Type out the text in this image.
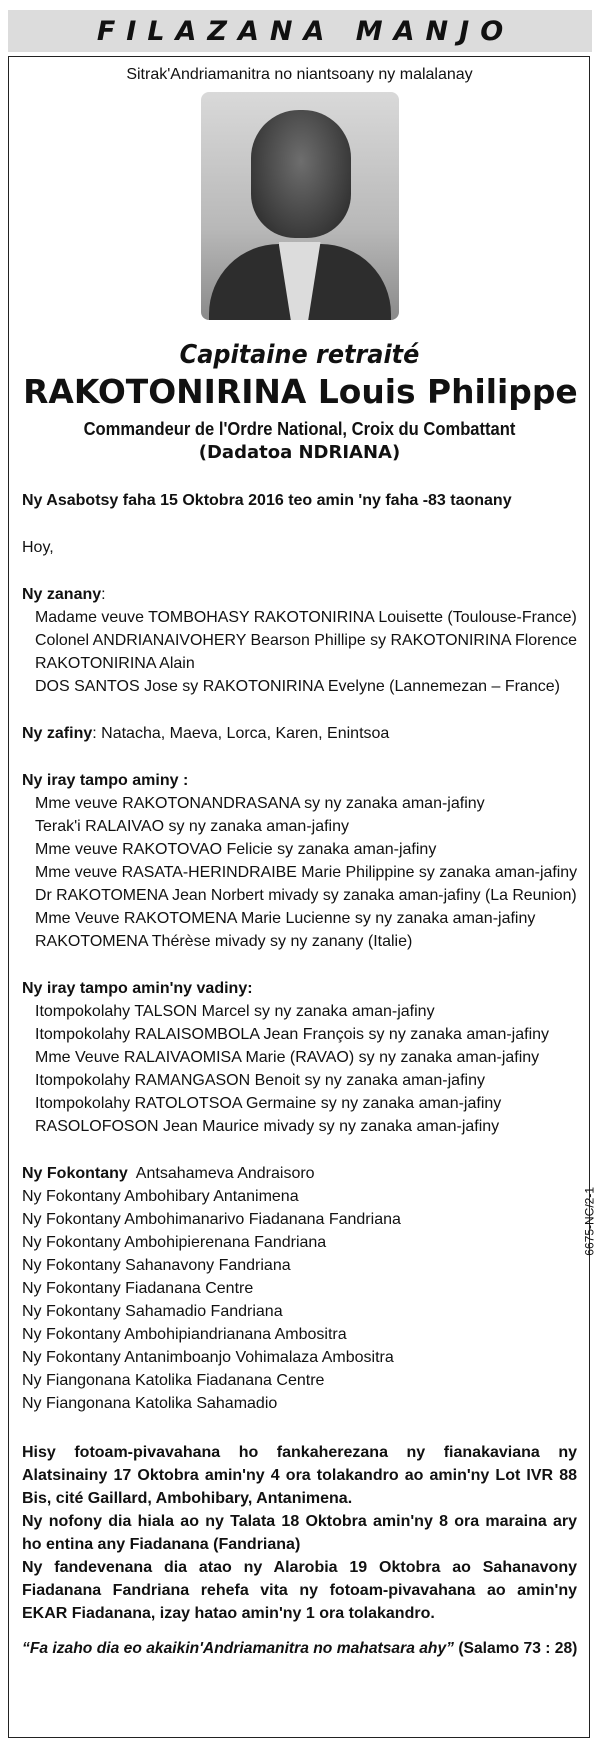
FILAZANA MANJO
6675-NC/2-1
Sitrak'Andriamanitra no niantsoany ny malalanay
Capitaine retraité
RAKOTONIRINA Louis Philippe
Commandeur de l'Ordre National, Croix du Combattant
(Dadatoa NDRIANA)

Ny Asabotsy faha 15 Oktobra 2016 teo amin 'ny faha -83 taonany

Hoy,

Ny zanany:
Madame veuve TOMBOHASY RAKOTONIRINA Louisette (Toulouse-France)
Colonel ANDRIANAIVOHERY Bearson Phillipe sy RAKOTONIRINA Florence
RAKOTONIRINA Alain
DOS SANTOS Jose sy RAKOTONIRINA Evelyne (Lannemezan – France)
Ny zafiny: Natacha, Maeva, Lorca, Karen, Enintsoa
Ny iray tampo aminy :
Mme veuve RAKOTONANDRASANA sy ny zanaka aman-jafiny
Terak'i RALAIVAO sy ny zanaka aman-jafiny
Mme veuve RAKOTOVAO Felicie sy zanaka aman-jafiny
Mme veuve RASATA-HERINDRAIBE Marie Philippine sy zanaka aman-jafiny
Dr RAKOTOMENA Jean Norbert mivady sy zanaka aman-jafiny (La Reunion)
Mme Veuve RAKOTOMENA Marie Lucienne sy ny zanaka aman-jafiny
RAKOTOMENA Thérèse mivady sy ny zanany (Italie)
Ny iray tampo amin'ny vadiny:
Itompokolahy TALSON Marcel sy ny zanaka aman-jafiny
Itompokolahy RALAISOMBOLA Jean François sy ny zanaka aman-jafiny
Mme Veuve RALAIVAOMISA Marie (RAVAO) sy ny zanaka aman-jafiny
Itompokolahy RAMANGASON Benoit sy ny zanaka aman-jafiny
Itompokolahy RATOLOTSOA Germaine sy ny zanaka aman-jafiny
RASOLOFOSON Jean Maurice mivady sy ny zanaka aman-jafiny
Ny Fokontany  Antsahameva Andraisoro
Ny Fokontany Ambohibary Antanimena
Ny Fokontany Ambohimanarivo Fiadanana Fandriana
Ny Fokontany Ambohipierenana Fandriana
Ny Fokontany Sahanavony Fandriana
Ny Fokontany Fiadanana Centre
Ny Fokontany Sahamadio Fandriana
Ny Fokontany Ambohipiandrianana Ambositra
Ny Fokontany Antanimboanjo Vohimalaza Ambositra
Ny Fiangonana Katolika Fiadanana Centre
Ny Fiangonana Katolika Sahamadio

Hisy fotoam-pivavahana ho fankaherezana ny fianakaviana ny Alatsinainy 17 Oktobra amin'ny 4 ora tolakandro ao amin'ny Lot IVR 88 Bis, cité Gaillard, Ambohibary, Antanimena.

Ny nofony dia hiala ao ny Talata 18 Oktobra amin'ny 8 ora maraina ary ho entina any Fiadanana (Fandriana)

Ny fandevenana dia atao ny Alarobia 19 Oktobra ao Sahanavony Fiadanana Fandriana rehefa vita ny fotoam-pivavahana ao amin'ny EKAR Fiadanana, izay hatao amin'ny 1 ora tolakandro.

“Fa izaho dia eo akaikin'Andriamanitra no mahatsara ahy” (Salamo 73 : 28)
